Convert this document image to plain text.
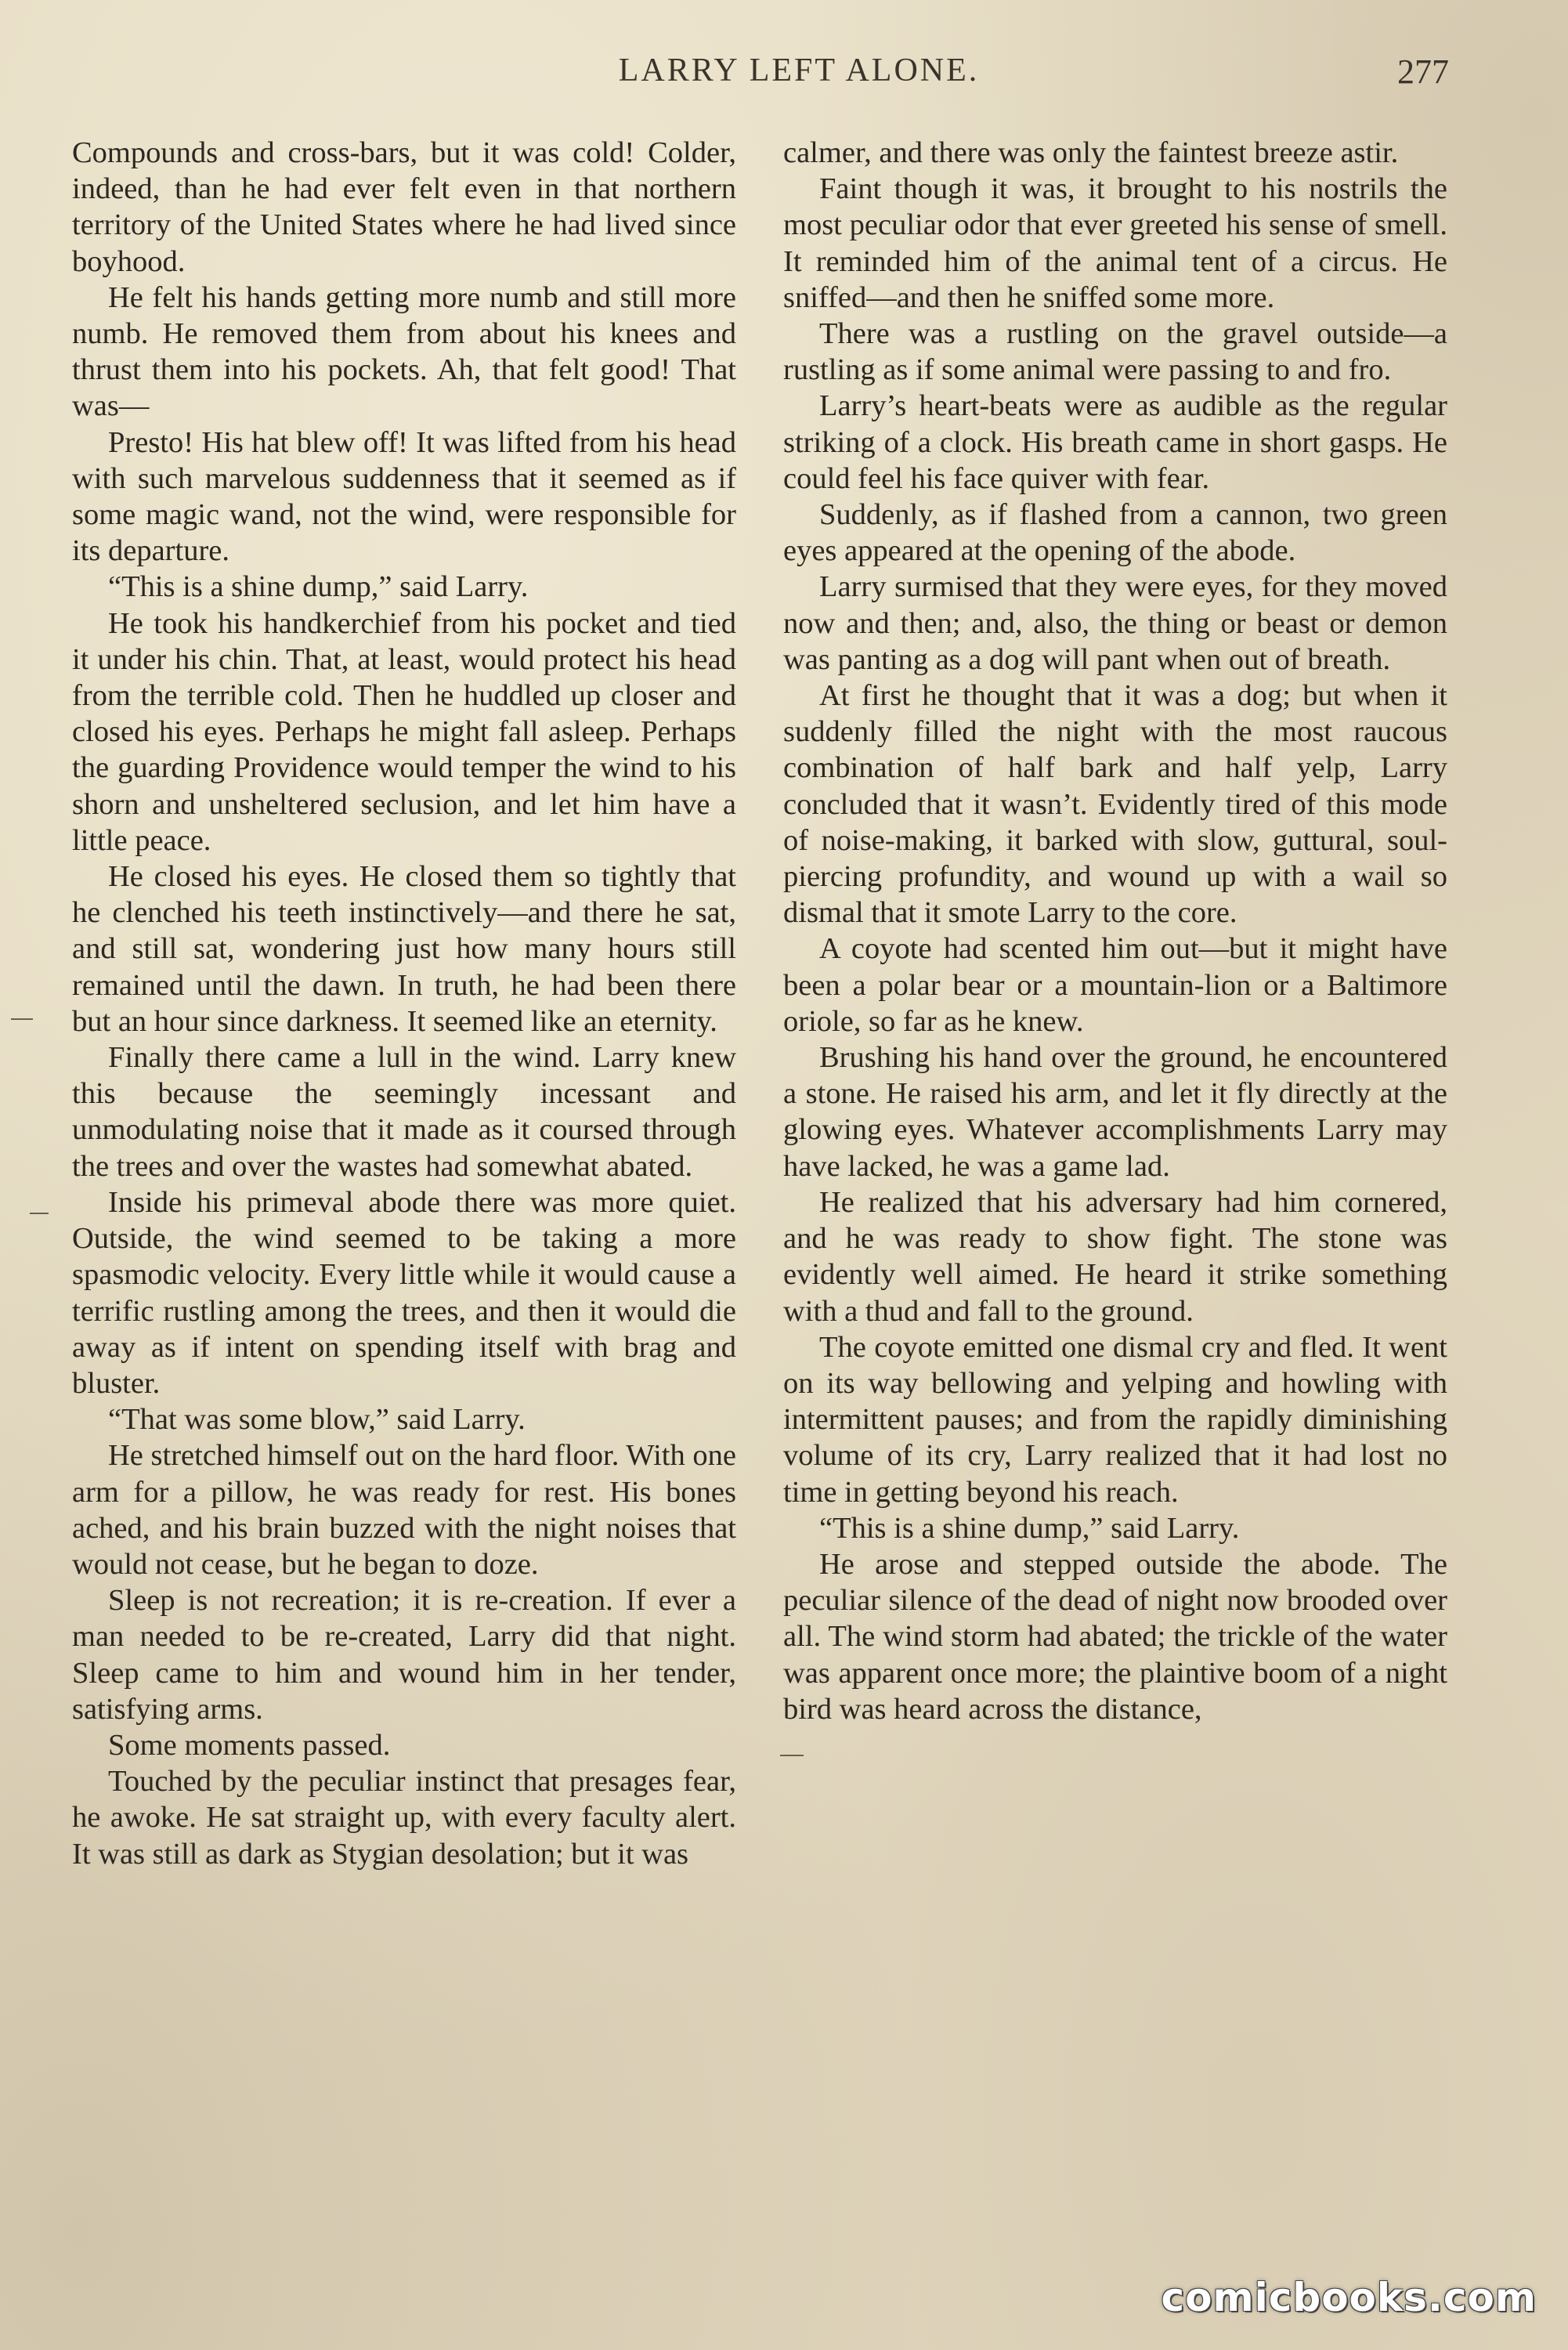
LARRY LEFT ALONE.	277

Compounds and cross-bars, but it was cold! Colder, indeed, than he had ever felt even in that northern territory of the United States where he had lived since boyhood.

He felt his hands getting more numb and still more numb. He removed them from about his knees and thrust them into his pockets. Ah, that felt good! That was—

Presto! His hat blew off! It was lifted from his head with such marvelous suddenness that it seemed as if some magic wand, not the wind, were responsible for its departure.

“This is a shine dump,” said Larry.

He took his handkerchief from his pocket and tied it under his chin. That, at least, would protect his head from the terrible cold. Then he huddled up closer and closed his eyes. Perhaps he might fall asleep. Perhaps the guarding Providence would temper the wind to his shorn and unsheltered seclusion, and let him have a little peace.

He closed his eyes. He closed them so tightly that he clenched his teeth instinctively—and there he sat, and still sat, wondering just how many hours still remained until the dawn. In truth, he had been there but an hour since darkness. It seemed like an eternity.

Finally there came a lull in the wind. Larry knew this because the seemingly incessant and unmodulating noise that it made as it coursed through the trees and over the wastes had somewhat abated.

Inside his primeval abode there was more quiet. Outside, the wind seemed to be taking a more spasmodic velocity. Every little while it would cause a terrific rustling among the trees, and then it would die away as if intent on spending itself with brag and bluster.

“That was some blow,” said Larry.

He stretched himself out on the hard floor. With one arm for a pillow, he was ready for rest. His bones ached, and his brain buzzed with the night noises that would not cease, but he began to doze.

Sleep is not recreation; it is re-creation. If ever a man needed to be re-created, Larry did that night. Sleep came to him and wound him in her tender, satisfying arms.

Some moments passed.

Touched by the peculiar instinct that presages fear, he awoke. He sat straight up, with every faculty alert. It was still as dark as Stygian desolation; but it was

calmer, and there was only the faintest breeze astir.

Faint though it was, it brought to his nostrils the most peculiar odor that ever greeted his sense of smell. It reminded him of the animal tent of a circus. He sniffed—and then he sniffed some more.

There was a rustling on the gravel outside—a rustling as if some animal were passing to and fro.

Larry’s heart-beats were as audible as the regular striking of a clock. His breath came in short gasps. He could feel his face quiver with fear.

Suddenly, as if flashed from a cannon, two green eyes appeared at the opening of the abode.

Larry surmised that they were eyes, for they moved now and then; and, also, the thing or beast or demon was panting as a dog will pant when out of breath.

At first he thought that it was a dog; but when it suddenly filled the night with the most raucous combination of half bark and half yelp, Larry concluded that it wasn’t. Evidently tired of this mode of noise-making, it barked with slow, guttural, soul-piercing profundity, and wound up with a wail so dismal that it smote Larry to the core.

A coyote had scented him out—but it might have been a polar bear or a mountain-lion or a Baltimore oriole, so far as he knew.

Brushing his hand over the ground, he encountered a stone. He raised his arm, and let it fly directly at the glowing eyes. Whatever accomplishments Larry may have lacked, he was a game lad.

He realized that his adversary had him cornered, and he was ready to show fight. The stone was evidently well aimed. He heard it strike something with a thud and fall to the ground.

The coyote emitted one dismal cry and fled. It went on its way bellowing and yelping and howling with intermittent pauses; and from the rapidly diminishing volume of its cry, Larry realized that it had lost no time in getting beyond his reach.

“This is a shine dump,” said Larry.

He arose and stepped outside the abode. The peculiar silence of the dead of night now brooded over all. The wind storm had abated; the trickle of the water was apparent once more; the plaintive boom of a night bird was heard across the distance,

comicbooks.com
